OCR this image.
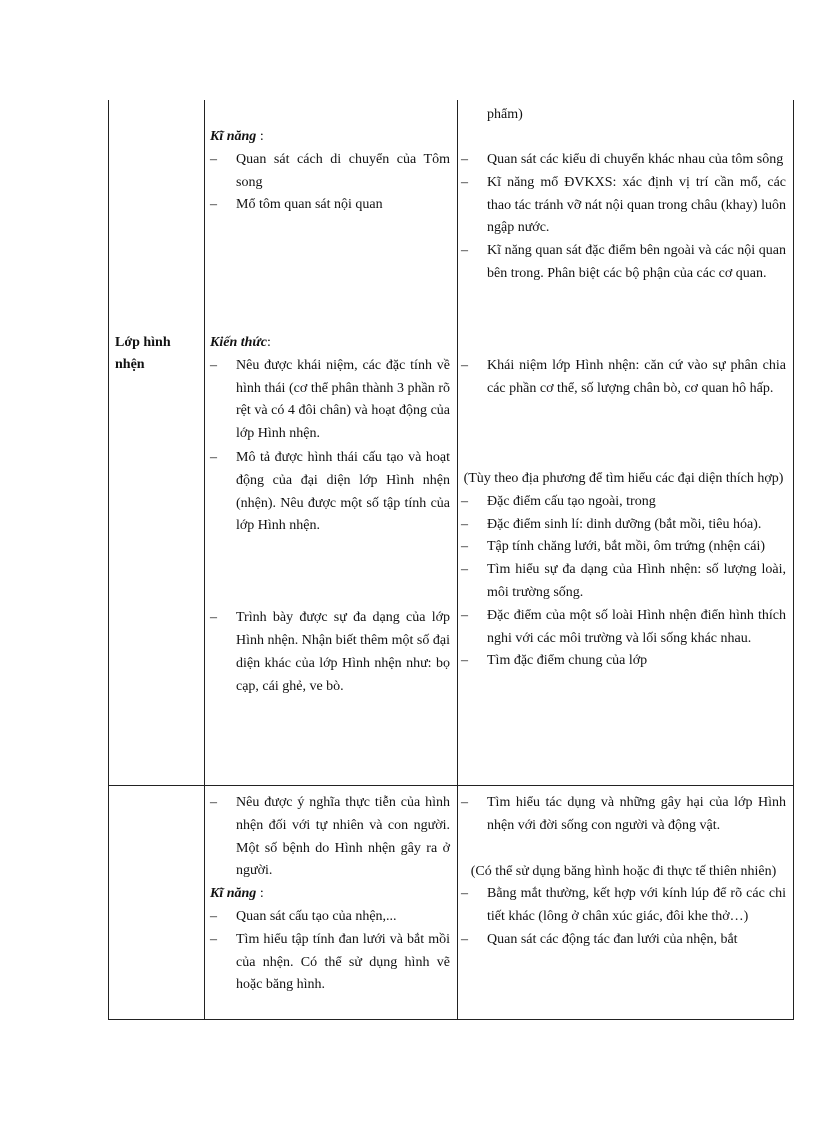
phẩm)
Kĩ năng :
– Quan sát cách di chuyển của Tôm song
– Mổ tôm quan sát nội quan
– Quan sát các kiểu di chuyển khác nhau của tôm sông
– Kĩ năng mổ ĐVKXS: xác định vị trí cần mổ, các thao tác tránh vỡ nát nội quan trong châu (khay) luôn ngập nước.
– Kĩ năng quan sát đặc điểm bên ngoài và các nội quan bên trong. Phân biệt các bộ phận của các cơ quan.
Lớp hình nhện
Kiến thức:
– Nêu được khái niệm, các đặc tính về hình thái (cơ thể phân thành 3 phần rõ rệt và có 4 đôi chân) và hoạt động của lớp Hình nhện.
– Mô tả được hình thái cấu tạo và hoạt động của đại diện lớp Hình nhện (nhện). Nêu được một số tập tính của lớp Hình nhện.
– Trình bày được sự đa dạng của lớp Hình nhện. Nhận biết thêm một số đại diện khác của lớp Hình nhện như: bọ cạp, cái ghẻ, ve bò.
– Khái niệm lớp Hình nhện: căn cứ vào sự phân chia các phần cơ thể, số lượng chân bò, cơ quan hô hấp.
(Tùy theo địa phương để tìm hiểu các đại diện thích hợp)
– Đặc điểm cấu tạo ngoài, trong
– Đặc điểm sinh lí: dinh dưỡng (bắt mồi, tiêu hóa).
– Tập tính chăng lưới, bắt mồi, ôm trứng (nhện cái)
– Tìm hiểu sự đa dạng của Hình nhện: số lượng loài, môi trường sống.
– Đặc điểm của một số loài Hình nhện điển hình thích nghi với các môi trường và lối sống khác nhau.
– Tìm đặc điểm chung của lớp
– Nêu được ý nghĩa thực tiễn của hình nhện đối với tự nhiên và con người. Một số bệnh do Hình nhện gây ra ở người.
Kĩ năng :
– Quan sát cấu tạo của nhện,...
– Tìm hiểu tập tính đan lưới và bắt mồi của nhện. Có thể sử dụng hình vẽ hoặc băng hình.
– Tìm hiểu tác dụng và những gây hại của lớp Hình nhện với đời sống con người và động vật.
(Có thể sử dụng băng hình hoặc đi thực tế thiên nhiên)
– Bằng mắt thường, kết hợp với kính lúp để rõ các chi tiết khác (lông ở chân xúc giác, đôi khe thở…)
– Quan sát các động tác đan lưới của nhện, bắt
